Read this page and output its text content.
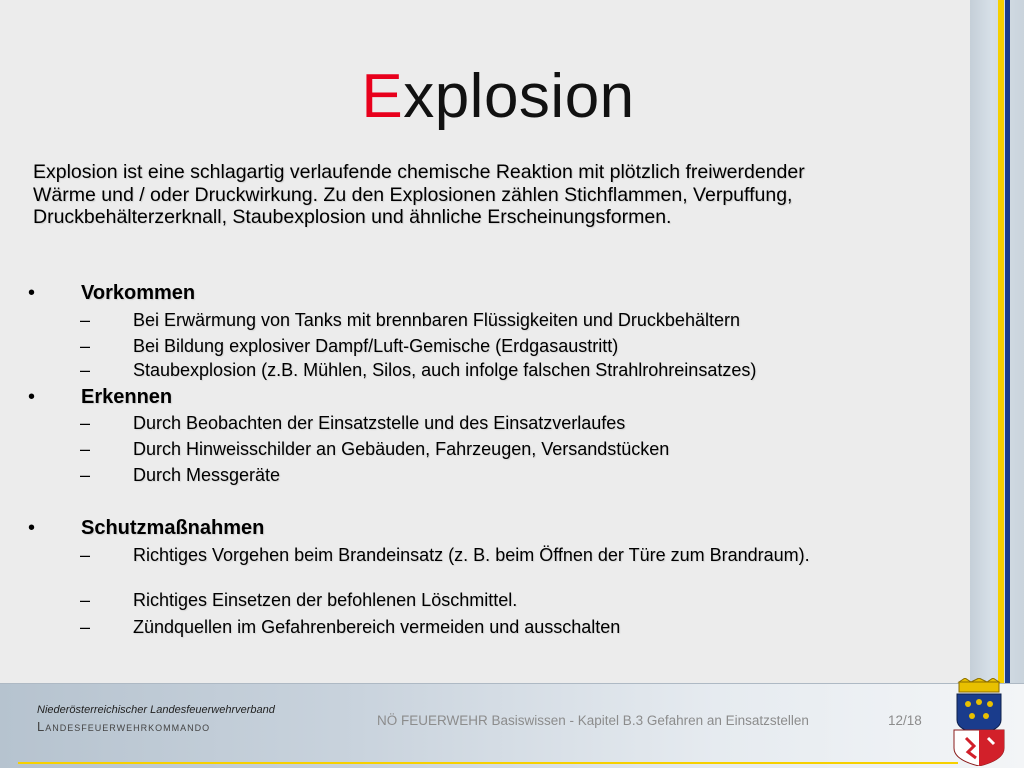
Explosion
Explosion ist eine schlagartig verlaufende chemische Reaktion mit plötzlich freiwerdender Wärme und / oder Druckwirkung. Zu den Explosionen zählen Stichflammen, Verpuffung, Druckbehälterzerknall, Staubexplosion und ähnliche Erscheinungsformen.
• Vorkommen
– Bei Erwärmung von Tanks mit brennbaren Flüssigkeiten und Druckbehältern
– Bei Bildung explosiver Dampf/Luft-Gemische (Erdgasaustritt)
– Staubexplosion (z.B. Mühlen, Silos, auch infolge falschen Strahlrohreinsatzes)
• Erkennen
– Durch Beobachten der Einsatzstelle und des Einsatzverlaufes
– Durch Hinweisschilder an Gebäuden, Fahrzeugen, Versandstücken
– Durch Messgeräte
• Schutzmaßnahmen
– Richtiges Vorgehen beim Brandeinsatz (z. B. beim Öffnen der Türe zum Brandraum).
– Richtiges Einsetzen der befohlenen Löschmittel.
– Zündquellen im Gefahrenbereich vermeiden und ausschalten
Niederösterreichischer Landesfeuerwehrverband
Landesfeuerwehrkommando	NÖ FEUERWEHR Basiswissen - Kapitel B.3 Gefahren an Einsatzstellen	12/18
